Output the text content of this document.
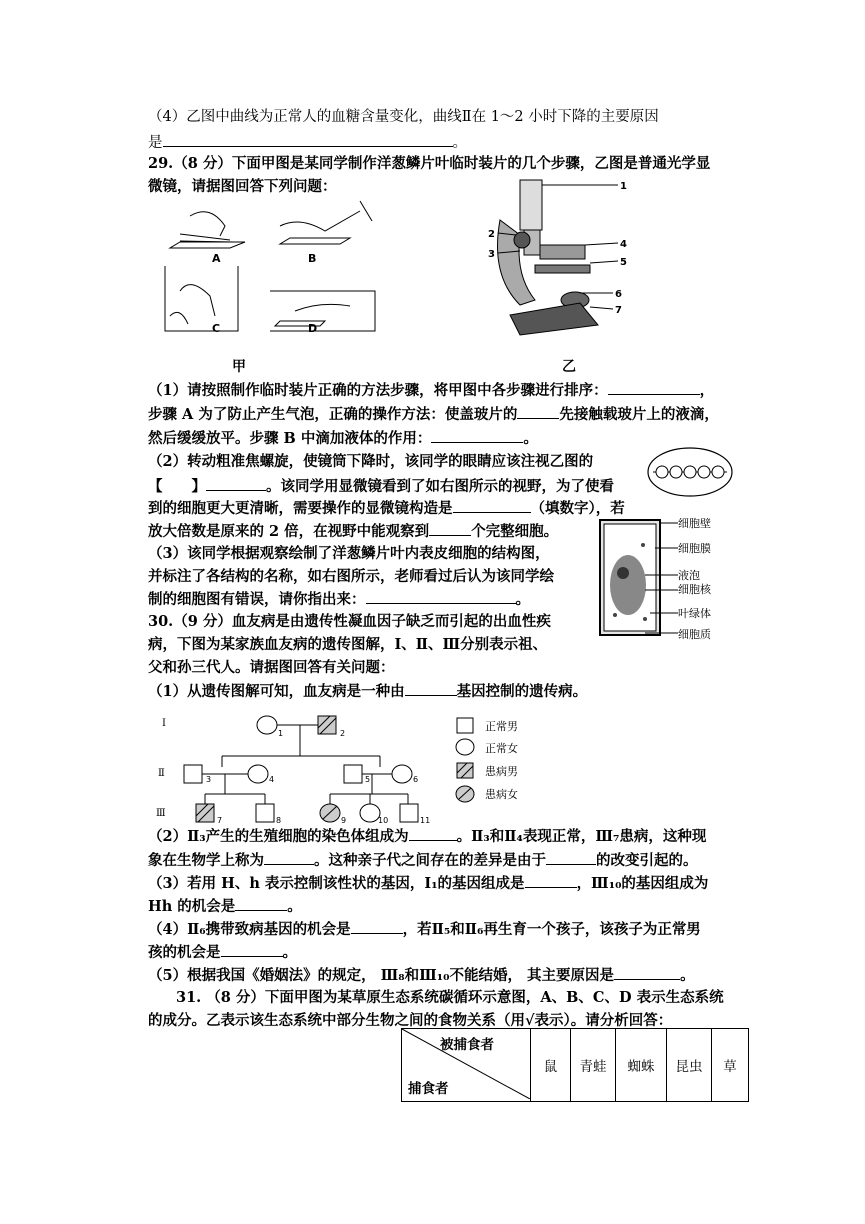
（4）乙图中曲线为正常人的血糖含量变化，曲线Ⅱ在 1～2 小时下降的主要原因
是	。
29.（8 分）下面甲图是某同学制作洋葱鳞片叶临时装片的几个步骤，乙图是普通光学显
微镜，请据图回答下列问题：
A	B
C	D
1
2
3
4
5
6
7
甲	乙
（1）请按照制作临时装片正确的方法步骤，将甲图中各步骤进行排序：	，
步骤 A 为了防止产生气泡，正确的操作方法：使盖玻片的	先接触载玻片上的液滴，
然后缓缓放平。步骤 B 中滴加液体的作用：	。
（2）转动粗准焦螺旋，使镜筒下降时，该同学的眼睛应该注视乙图的
【　　】	。该同学用显微镜看到了如右图所示的视野，为了使看
到的细胞更大更清晰，需要操作的显微镜构造是	（填数字），若
放大倍数是原来的 2 倍，在视野中能观察到	个完整细胞。
（3）该同学根据观察绘制了洋葱鳞片叶内表皮细胞的结构图，
并标注了各结构的名称，如右图所示，老师看过后认为该同学绘
制的细胞图有错误，请你指出来：	。
细胞壁
细胞膜
液泡
细胞核
叶绿体
细胞质
30.（9 分）血友病是由遗传性凝血因子缺乏而引起的出血性疾
病，下图为某家族血友病的遗传图解，Ⅰ、Ⅱ、Ⅲ分别表示祖、
父和孙三代人。请据图回答有关问题：
（1）从遗传图解可知，血友病是一种由	基因控制的遗传病。
Ⅰ
Ⅱ
Ⅲ
1	2
3	4	5	6
7	8	9	10	11
正常男
正常女
患病男
患病女
（2）Ⅱ₃产生的生殖细胞的染色体组成为	。Ⅱ₃和Ⅱ₄表现正常，Ⅲ₇患病，这种现
象在生物学上称为	。这种亲子代之间存在的差异是由于	的改变引起的。
（3）若用 H、h 表示控制该性状的基因，Ⅰ₁的基因组成是	，Ⅲ₁₀的基因组成为
Hh 的机会是	。
（4）Ⅱ₆携带致病基因的机会是	，若Ⅱ₅和Ⅱ₆再生育一个孩子，该孩子为正常男
孩的机会是	。
（5）根据我国《婚姻法》的规定， Ⅲ₈和Ⅲ₁₀不能结婚， 其主要原因是	。
31. （8 分）下面甲图为某草原生态系统碳循环示意图，A、B、C、D 表示生态系统
的成分。乙表示该生态系统中部分生物之间的食物关系（用√表示）。请分析回答：
被捕食者
捕食者
	鼠	青蛙	蜘蛛	昆虫	草
